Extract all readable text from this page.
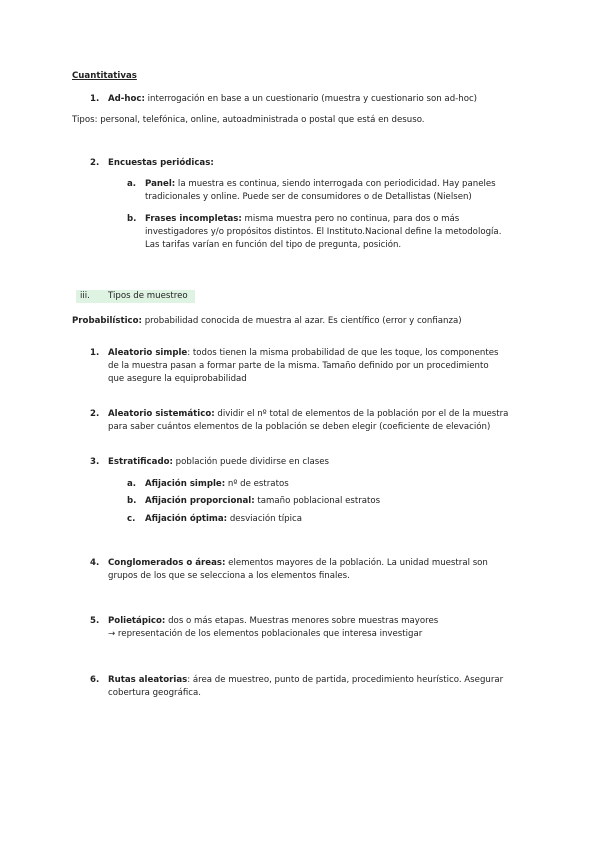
Cuantitativas
1. Ad-hoc: interrogación en base a un cuestionario (muestra y cuestionario son ad-hoc)
Tipos: personal, telefónica, online, autoadministrada o postal que está en desuso.
2. Encuestas periódicas:
a. Panel: la muestra es continua, siendo interrogada con periodicidad. Hay paneles
tradicionales y online. Puede ser de consumidores o de Detallistas (Nielsen)
b. Frases incompletas: misma muestra pero no continua, para dos o más
investigadores y/o propósitos distintos. El Instituto.Nacional define la metodología.
Las tarifas varían en función del tipo de pregunta, posición.
iii. Tipos de muestreo
Probabilístico: probabilidad conocida de muestra al azar. Es científico (error y confianza)
1. Aleatorio simple: todos tienen la misma probabilidad de que les toque, los componentes
de la muestra pasan a formar parte de la misma. Tamaño definido por un procedimiento
que asegure la equiprobabilidad
2. Aleatorio sistemático: dividir el nº total de elementos de la población por el de la muestra
para saber cuántos elementos de la población se deben elegir (coeficiente de elevación)
3. Estratificado: población puede dividirse en clases
a. Afijación simple: nº de estratos
b. Afijación proporcional: tamaño poblacional estratos
c. Afijación óptima: desviación típica
4. Conglomerados o áreas: elementos mayores de la población. La unidad muestral son
grupos de los que se selecciona a los elementos finales.
5. Polietápico: dos o más etapas. Muestras menores sobre muestras mayores
→ representación de los elementos poblacionales que interesa investigar
6. Rutas aleatorias: área de muestreo, punto de partida, procedimiento heurístico. Asegurar
cobertura geográfica.
